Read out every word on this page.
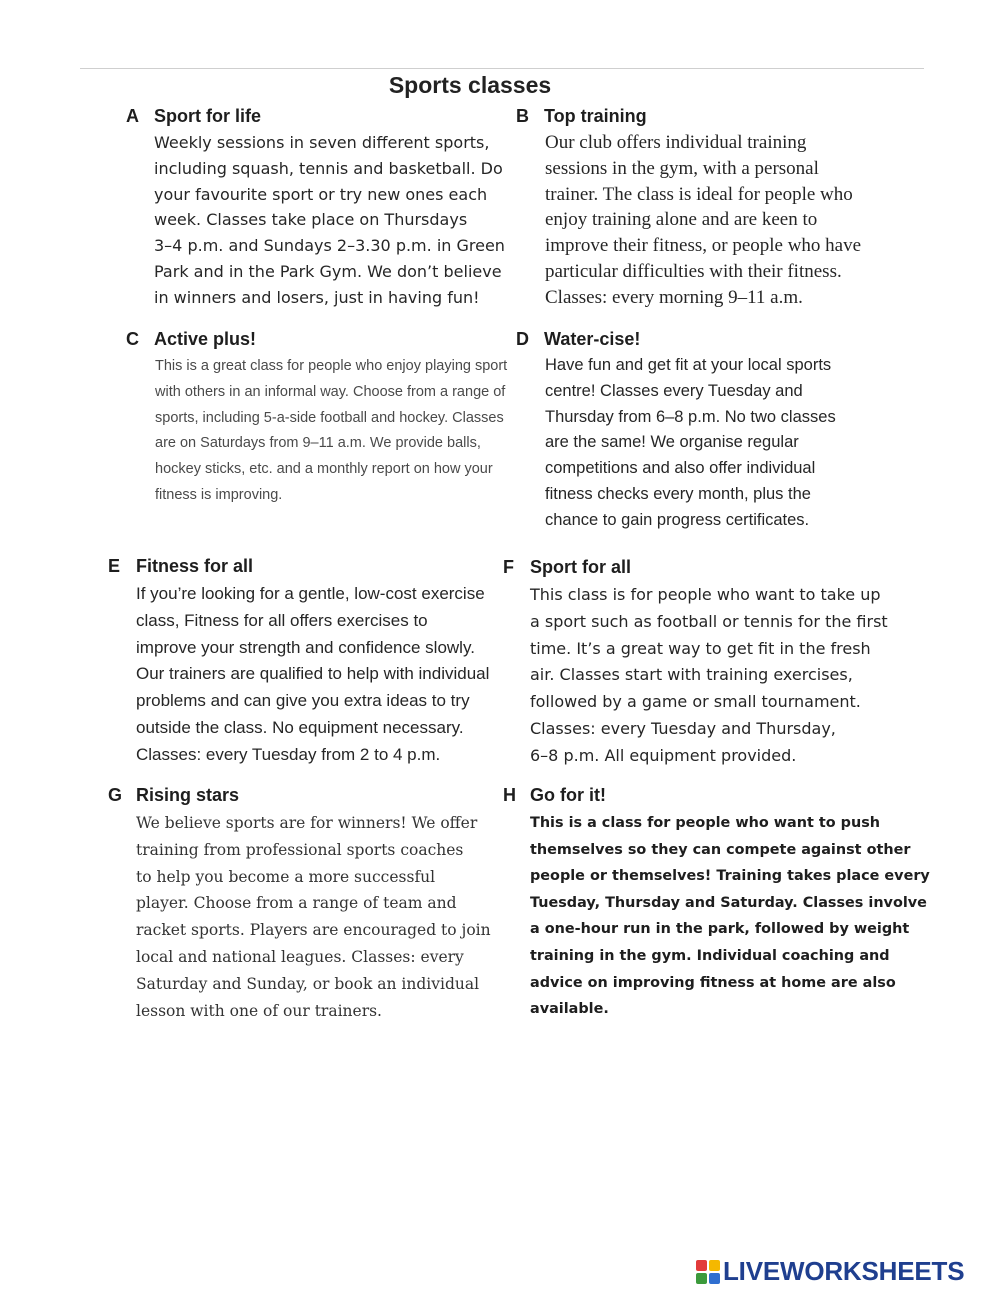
Sports classes
A Sport for life

Weekly sessions in seven different sports,

including squash, tennis and basketball. Do

your favourite sport or try new ones each

week. Classes take place on Thursdays

3–4 p.m. and Sundays 2–3.30 p.m. in Green

Park and in the Park Gym. We don’t believe

in winners and losers, just in having fun!

B Top training

Our club offers individual training

sessions in the gym, with a personal

trainer. The class is ideal for people who

enjoy training alone and are keen to

improve their fitness, or people who have

particular difficulties with their fitness.

Classes: every morning 9–11 a.m.

C Active plus!

This is a great class for people who enjoy playing sport

with others in an informal way. Choose from a range of

sports, including 5-a-side football and hockey. Classes

are on Saturdays from 9–11 a.m. We provide balls,

hockey sticks, etc. and a monthly report on how your

fitness is improving.

D Water-cise!

Have fun and get fit at your local sports

centre! Classes every Tuesday and

Thursday from 6–8 p.m. No two classes

are the same! We organise regular

competitions and also offer individual

fitness checks every month, plus the

chance to gain progress certificates.

E Fitness for all

If you’re looking for a gentle, low-cost exercise

class, Fitness for all offers exercises to

improve your strength and confidence slowly.

Our trainers are qualified to help with individual

problems and can give you extra ideas to try

outside the class. No equipment necessary.

Classes: every Tuesday from 2 to 4 p.m.

F Sport for all

This class is for people who want to take up

a sport such as football or tennis for the first

time. It’s a great way to get fit in the fresh

air. Classes start with training exercises,

followed by a game or small tournament.

Classes: every Tuesday and Thursday,

6–8 p.m. All equipment provided.

G Rising stars

We believe sports are for winners! We offer

training from professional sports coaches

to help you become a more successful

player. Choose from a range of team and

racket sports. Players are encouraged to join

local and national leagues. Classes: every

Saturday and Sunday, or book an individual

lesson with one of our trainers.

H Go for it!

This is a class for people who want to push

themselves so they can compete against other

people or themselves! Training takes place every

Tuesday, Thursday and Saturday. Classes involve

a one-hour run in the park, followed by weight

training in the gym. Individual coaching and

advice on improving fitness at home are also

available.

LIVEWORKSHEETS
